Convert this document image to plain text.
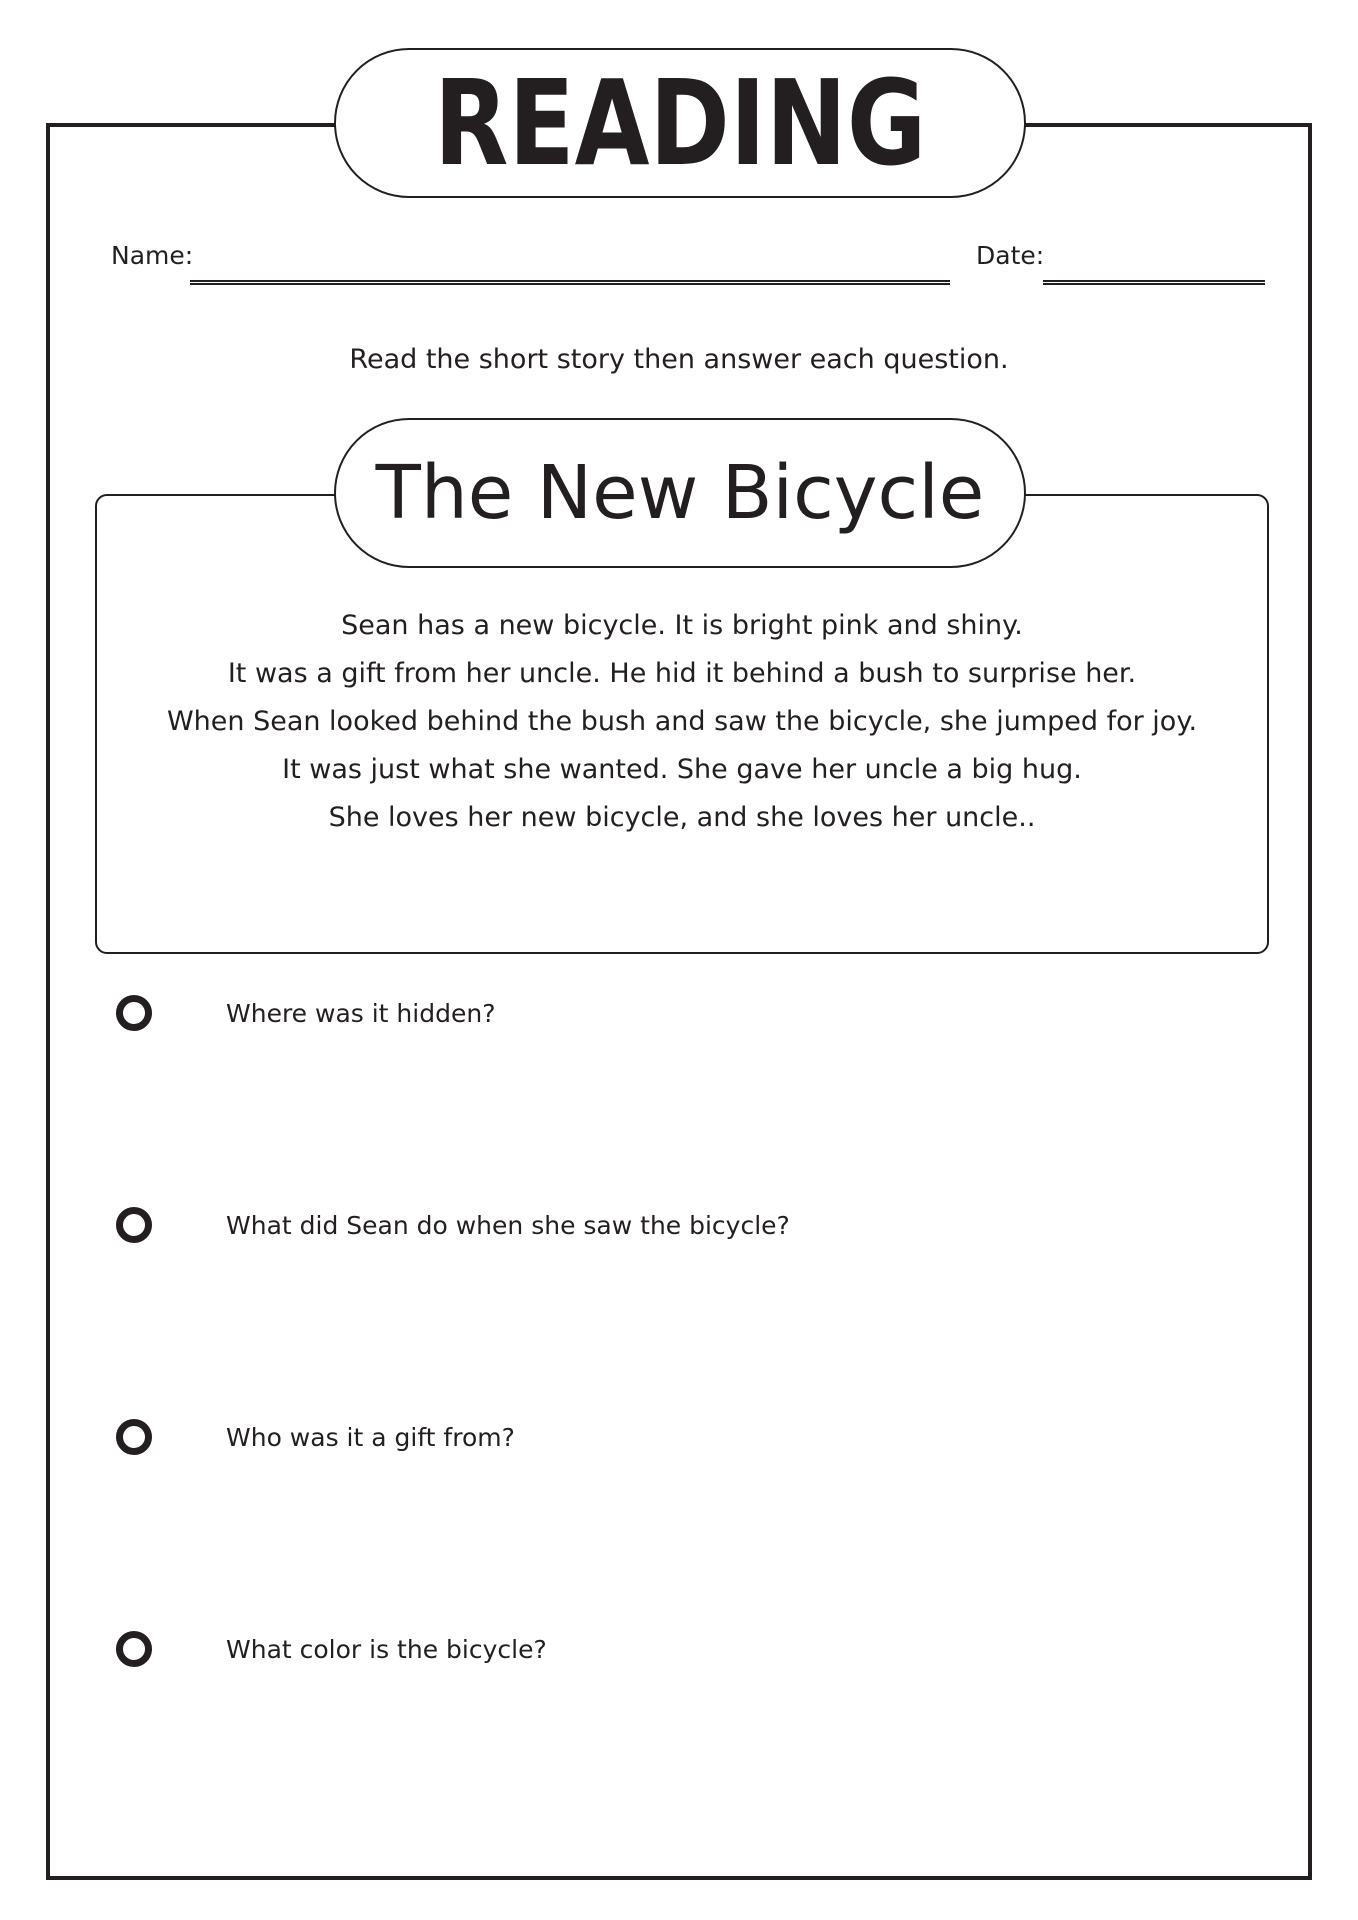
READING
Name:	Date:
Read the short story then answer each question.
The New Bicycle
Sean has a new bicycle. It is bright pink and shiny.
It was a gift from her uncle. He hid it behind a bush to surprise her.
When Sean looked behind the bush and saw the bicycle, she jumped for joy.
It was just what she wanted. She gave her uncle a big hug.
She loves her new bicycle, and she loves her uncle..
Where was it hidden?
What did Sean do when she saw the bicycle?
Who was it a gift from?
What color is the bicycle?
